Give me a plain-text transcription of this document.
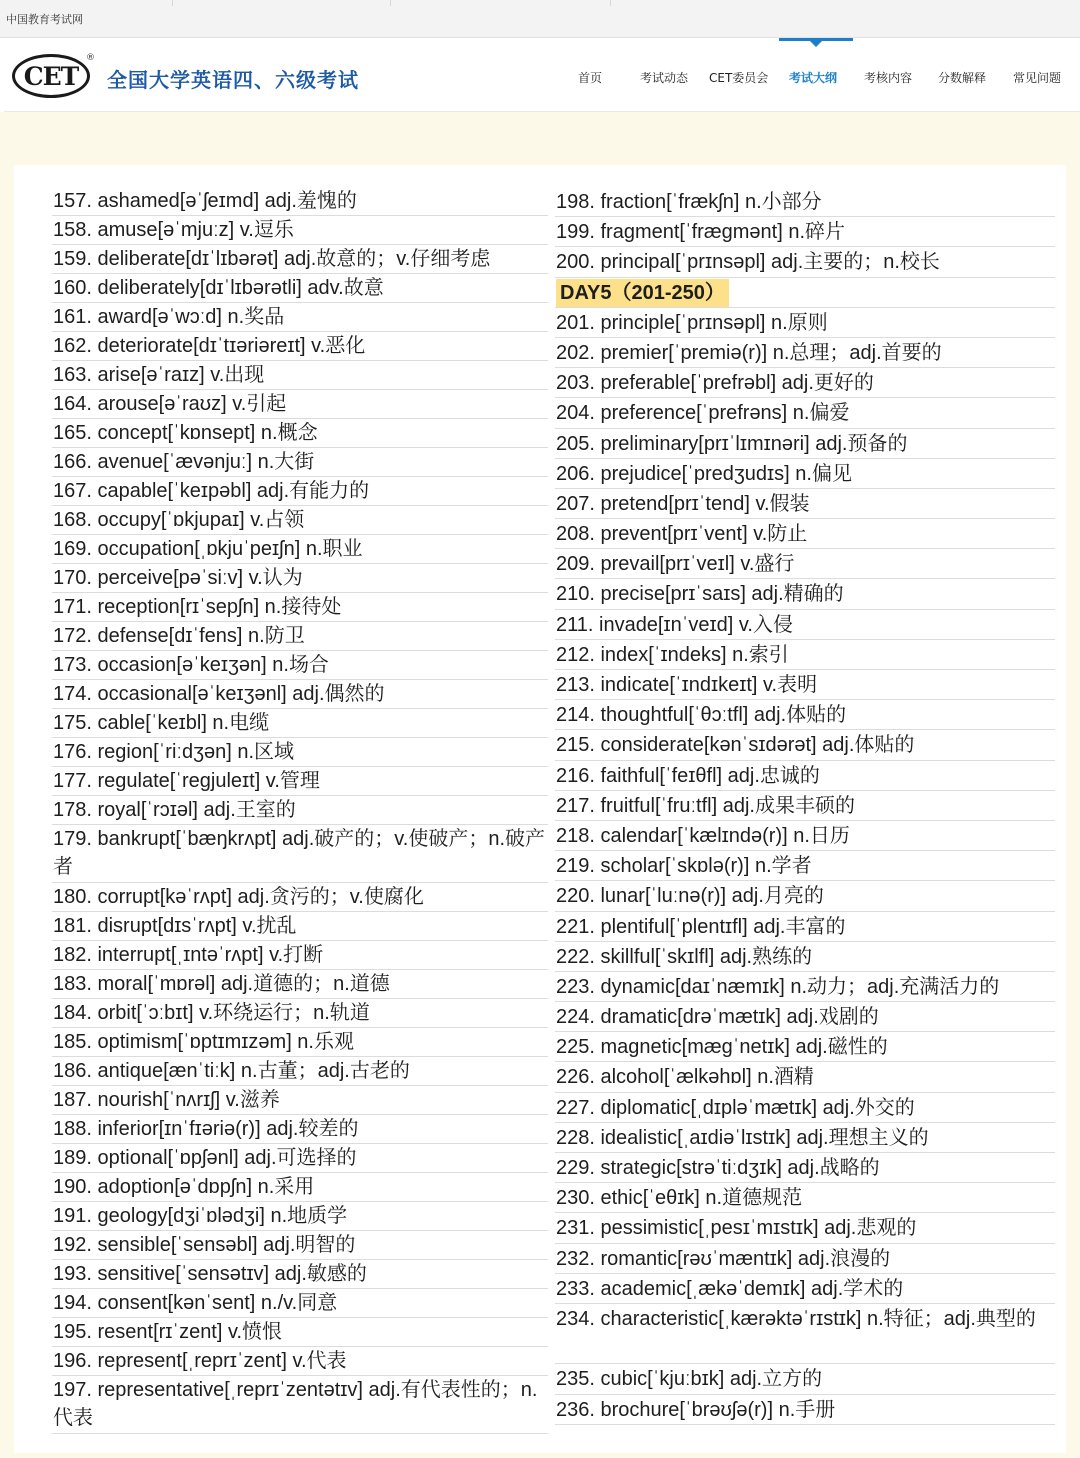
中国教育考试网
CET
®
全国大学英语四、六级考试	首页	考试动态 CET委员会 考试大纲 考核内容 分数解释 常见问题
157. ashamed[əˈʃeɪmd] adj.羞愧的
158. amuse[əˈmjuːz] v.逗乐
159. deliberate[dɪˈlɪbərət] adj.故意的；v.仔细考虑
160. deliberately[dɪˈlɪbərətli] adv.故意
161. award[əˈwɔːd] n.奖品
162. deteriorate[dɪˈtɪəriəreɪt] v.恶化
163. arise[əˈraɪz] v.出现
164. arouse[əˈraʊz] v.引起
165. concept[ˈkɒnsept] n.概念
166. avenue[ˈævənjuː] n.大街
167. capable[ˈkeɪpəbl] adj.有能力的
168. occupy[ˈɒkjupaɪ] v.占领
169. occupation[ˌɒkjuˈpeɪʃn] n.职业
170. perceive[pəˈsiːv] v.认为
171. reception[rɪˈsepʃn] n.接待处
172. defense[dɪˈfens] n.防卫
173. occasion[əˈkeɪʒən] n.场合
174. occasional[əˈkeɪʒənl] adj.偶然的
175. cable[ˈkeɪbl] n.电缆
176. region[ˈriːdʒən] n.区域
177. regulate[ˈregjuleɪt] v.管理
178. royal[ˈrɔɪəl] adj.王室的
179. bankrupt[ˈbæŋkrʌpt] adj.破产的；v.使破产；n.破产者
180. corrupt[kəˈrʌpt] adj.贪污的；v.使腐化
181. disrupt[dɪsˈrʌpt] v.扰乱
182. interrupt[ˌɪntəˈrʌpt] v.打断
183. moral[ˈmɒrəl] adj.道德的；n.道德
184. orbit[ˈɔːbɪt] v.环绕运行；n.轨道
185. optimism[ˈɒptɪmɪzəm] n.乐观
186. antique[ænˈtiːk] n.古董；adj.古老的
187. nourish[ˈnʌrɪʃ] v.滋养
188. inferior[ɪnˈfɪəriə(r)] adj.较差的
189. optional[ˈɒpʃənl] adj.可选择的
190. adoption[əˈdɒpʃn] n.采用
191. geology[dʒiˈɒlədʒi] n.地质学
192. sensible[ˈsensəbl] adj.明智的
193. sensitive[ˈsensətɪv] adj.敏感的
194. consent[kənˈsent] n./v.同意
195. resent[rɪˈzent] v.愤恨
196. represent[ˌreprɪˈzent] v.代表
197. representative[ˌreprɪˈzentətɪv] adj.有代表性的；n.代表
198. fraction[ˈfrækʃn] n.小部分
199. fragment[ˈfrægmənt] n.碎片
200. principal[ˈprɪnsəpl] adj.主要的；n.校长
DAY5（201-250）
201. principle[ˈprɪnsəpl] n.原则
202. premier[ˈpremiə(r)] n.总理；adj.首要的
203. preferable[ˈprefrəbl] adj.更好的
204. preference[ˈprefrəns] n.偏爱
205. preliminary[prɪˈlɪmɪnəri] adj.预备的
206. prejudice[ˈpredʒudɪs] n.偏见
207. pretend[prɪˈtend] v.假装
208. prevent[prɪˈvent] v.防止
209. prevail[prɪˈveɪl] v.盛行
210. precise[prɪˈsaɪs] adj.精确的
211. invade[ɪnˈveɪd] v.入侵
212. index[ˈɪndeks] n.索引
213. indicate[ˈɪndɪkeɪt] v.表明
214. thoughtful[ˈθɔːtfl] adj.体贴的
215. considerate[kənˈsɪdərət] adj.体贴的
216. faithful[ˈfeɪθfl] adj.忠诚的
217. fruitful[ˈfruːtfl] adj.成果丰硕的
218. calendar[ˈkælɪndə(r)] n.日历
219. scholar[ˈskɒlə(r)] n.学者
220. lunar[ˈluːnə(r)] adj.月亮的
221. plentiful[ˈplentɪfl] adj.丰富的
222. skillful[ˈskɪlfl] adj.熟练的
223. dynamic[daɪˈnæmɪk] n.动力；adj.充满活力的
224. dramatic[drəˈmætɪk] adj.戏剧的
225. magnetic[mægˈnetɪk] adj.磁性的
226. alcohol[ˈælkəhɒl] n.酒精
227. diplomatic[ˌdɪpləˈmætɪk] adj.外交的
228. idealistic[ˌaɪdiəˈlɪstɪk] adj.理想主义的
229. strategic[strəˈtiːdʒɪk] adj.战略的
230. ethic[ˈeθɪk] n.道德规范
231. pessimistic[ˌpesɪˈmɪstɪk] adj.悲观的
232. romantic[rəʊˈmæntɪk] adj.浪漫的
233. academic[ˌækəˈdemɪk] adj.学术的
234. characteristic[ˌkærəktəˈrɪstɪk] n.特征；adj.典型的
235. cubic[ˈkjuːbɪk] adj.立方的
236. brochure[ˈbrəʊʃə(r)] n.手册
